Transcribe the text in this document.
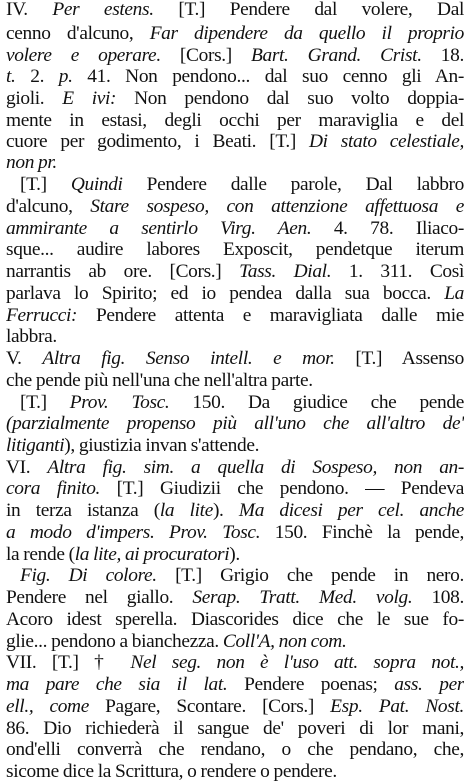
IV. Per estens. [T.] Pendere dal volere, Dal
cenno d'alcuno, Far dipendere da quello il proprio
volere e operare. [Cors.] Bart. Grand. Crist. 18.
t. 2. p. 41. Non pendono... dal suo cenno gli An-
gioli. E ivi: Non pendono dal suo volto doppia-
mente in estasi, degli occhi per maraviglia e del
cuore per godimento, i Beati. [T.] Di stato celestiale,
non pr.
[T.] Quindi Pendere dalle parole, Dal labbro
d'alcuno, Stare sospeso, con attenzione affettuosa e
ammirante a sentirlo Virg. Aen. 4. 78. Iliaco-
sque... audire labores Exposcit, pendetque iterum
narrantis ab ore. [Cors.] Tass. Dial. 1. 311. Così
parlava lo Spirito; ed io pendea dalla sua bocca. La
Ferrucci: Pendere attenta e maravigliata dalle mie
labbra.
V. Altra fig. Senso intell. e mor. [T.] Assenso
che pende più nell'una che nell'altra parte.
[T.] Prov. Tosc. 150. Da giudice che pende
(parzialmente propenso più all'uno che all'altro de'
litiganti), giustizia invan s'attende.
VI. Altra fig. sim. a quella di Sospeso, non an-
cora finito. [T.] Giudizii che pendono. — Pendeva
in terza istanza (la lite). Ma dicesi per cel. anche
a modo d'impers. Prov. Tosc. 150. Finchè la pende,
la rende (la lite, ai procuratori).
Fig. Di colore. [T.] Grigio che pende in nero.
Pendere nel giallo. Serap. Tratt. Med. volg. 108.
Acoro idest sperella. Diascorides dice che le sue fo-
glie... pendono a bianchezza. Coll'A, non com.
VII. [T.] † Nel seg. non è l'uso att. sopra not.,
ma pare che sia il lat. Pendere poenas; ass. per
ell., come Pagare, Scontare. [Cors.] Esp. Pat. Nost.
86. Dio richiederà il sangue de' poveri di lor mani,
ond'elli converrà che rendano, o che pendano, che,
sicome dice la Scrittura, o rendere o pendere.
